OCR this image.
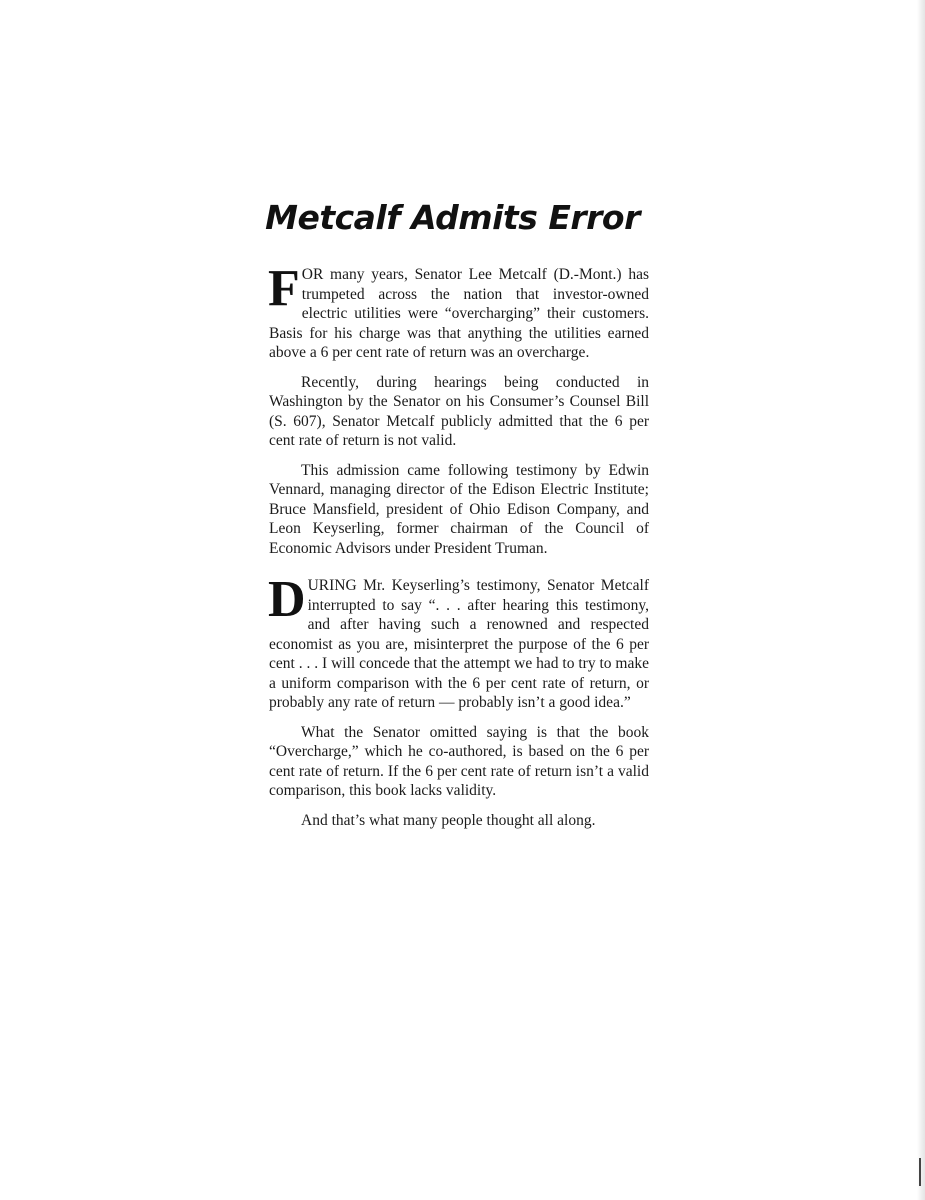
Metcalf Admits Error

FOR many years, Senator Lee Metcalf (D.-Mont.) has trumpeted across the nation that investor-owned electric utilities were “overcharging” their customers. Basis for his charge was that anything the utilities earned above a 6 per cent rate of return was an overcharge.

Recently, during hearings being conducted in Washington by the Senator on his Consumer’s Counsel Bill (S. 607), Senator Metcalf publicly admitted that the 6 per cent rate of return is not valid.

This admission came following testimony by Edwin Vennard, managing director of the Edison Electric Institute; Bruce Mansfield, president of Ohio Edison Company, and Leon Keyserling, former chairman of the Council of Economic Advisors under President Truman.

DURING Mr. Keyserling’s testimony, Senator Metcalf interrupted to say “. . . after hearing this testimony, and after having such a renowned and respected economist as you are, misinterpret the purpose of the 6 per cent . . . I will concede that the attempt we had to try to make a uniform comparison with the 6 per cent rate of return, or probably any rate of return — probably isn’t a good idea.”

What the Senator omitted saying is that the book “Overcharge,” which he co-authored, is based on the 6 per cent rate of return. If the 6 per cent rate of return isn’t a valid comparison, this book lacks validity.

And that’s what many people thought all along.
